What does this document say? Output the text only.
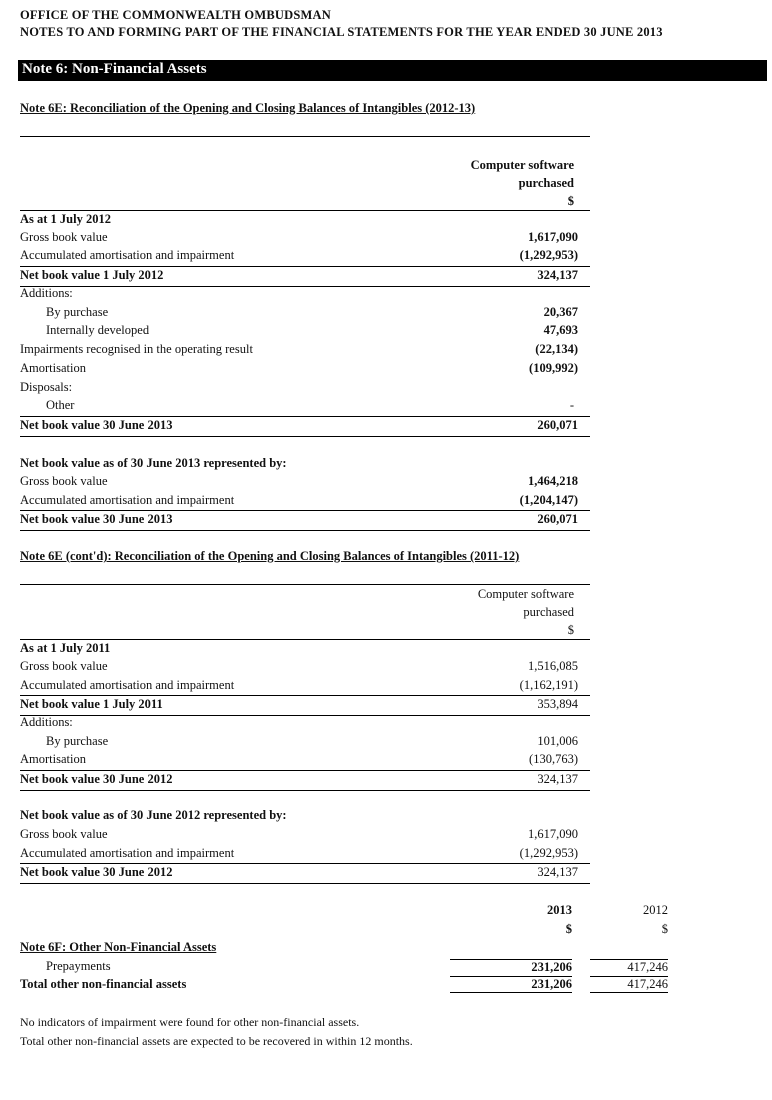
OFFICE OF THE COMMONWEALTH OMBUDSMAN
NOTES TO AND FORMING PART OF THE FINANCIAL STATEMENTS FOR THE YEAR ENDED 30 JUNE 2013
Note 6: Non-Financial Assets
Note 6E: Reconciliation of the Opening and Closing Balances of Intangibles (2012-13)
Computer software
purchased
$
As at 1 July 2012
Gross book value	1,617,090
Accumulated amortisation and impairment	(1,292,953)
Net book value 1 July 2012	324,137
Additions:
By purchase	20,367
Internally developed	47,693
Impairments recognised in the operating result	(22,134)
Amortisation	(109,992)
Disposals:
Other	-
Net book value 30 June 2013	260,071
Net book value as of 30 June 2013 represented by:
Gross book value	1,464,218
Accumulated amortisation and impairment	(1,204,147)
Net book value 30 June 2013	260,071
Note 6E (cont'd): Reconciliation of the Opening and Closing Balances of Intangibles (2011-12)
Computer software
purchased
$
As at 1 July 2011
Gross book value	1,516,085
Accumulated amortisation and impairment	(1,162,191)
Net book value 1 July 2011	353,894
Additions:
By purchase	101,006
Amortisation	(130,763)
Net book value 30 June 2012	324,137
Net book value as of 30 June 2012 represented by:
Gross book value	1,617,090
Accumulated amortisation and impairment	(1,292,953)
Net book value 30 June 2012	324,137
2013	2012
$	$
Note 6F: Other Non-Financial Assets
Prepayments	231,206	417,246
Total other non-financial assets	231,206	417,246
No indicators of impairment were found for other non-financial assets.
Total other non-financial assets are expected to be recovered in within 12 months.
